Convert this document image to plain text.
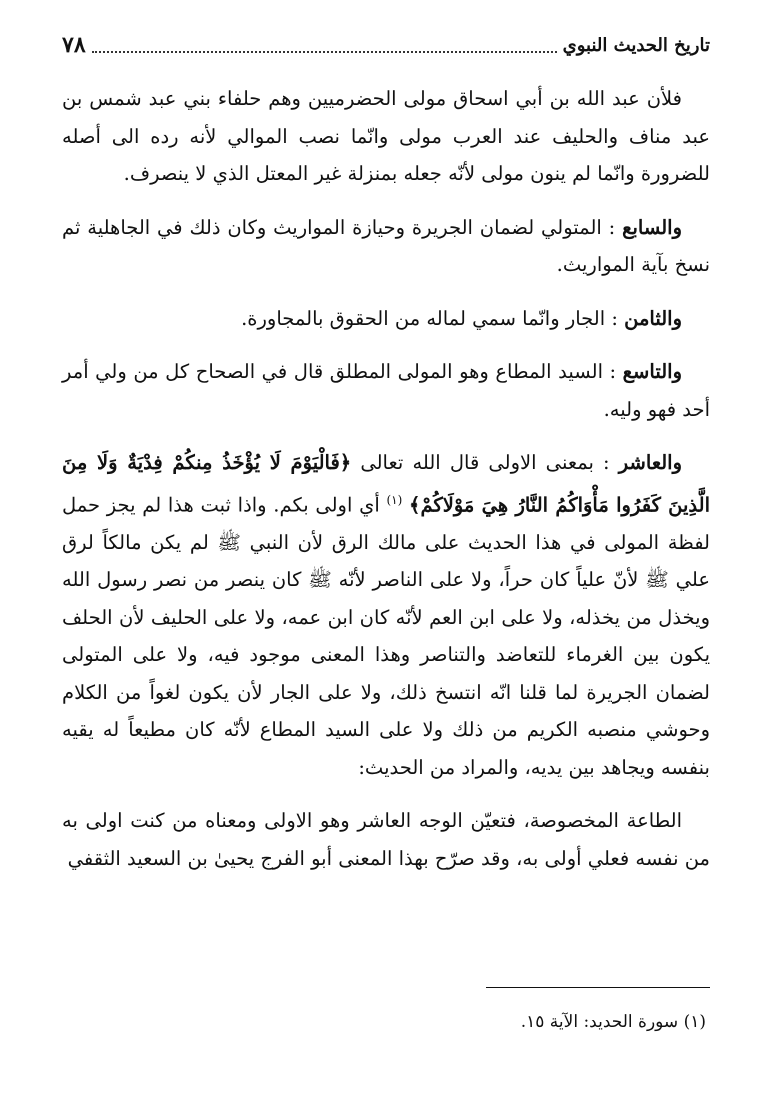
تاريخ الحديث النبوي
٧٨

فلأن عبد الله بن أبي اسحاق مولى الحضرميين وهم حلفاء بني عبد شمس بن عبد مناف والحليف عند العرب مولى وانّما نصب الموالي لأنه رده الى أصله للضرورة وانّما لم ينون مولى لأنّه جعله بمنزلة غير المعتل الذي لا ينصرف.

والسابع : المتولي لضمان الجريرة وحيازة المواريث وكان ذلك في الجاهلية ثم نسخ بآية المواريث.

والثامن : الجار وانّما سمي لماله من الحقوق بالمجاورة.

والتاسع : السيد المطاع وهو المولى المطلق قال في الصحاح كل من ولي أمر أحد فهو وليه.

والعاشر : بمعنى الاولى قال الله تعالى ﴿فَالْيَوْمَ لَا يُؤْخَذُ مِنكُمْ فِدْيَةٌ وَلَا مِنَ الَّذِينَ كَفَرُوا مَأْوَاكُمُ النَّارُ هِيَ مَوْلَاكُمْ﴾ $^{(١)}$ أي اولى بكم. واذا ثبت هذا لم يجز حمل لفظة المولى في هذا الحديث على مالك الرق لأن النبي ﷺ لم يكن مالكاً لرق علي ﷺ لأنّ علياً كان حراً، ولا على الناصر لأنّه ﷺ كان ينصر من نصر رسول الله ويخذل من يخذله، ولا على ابن العم لأنّه كان ابن عمه، ولا على الحليف لأن الحلف يكون بين الغرماء للتعاضد والتناصر وهذا المعنى موجود فيه، ولا على المتولى لضمان الجريرة لما قلنا انّه انتسخ ذلك، ولا على الجار لأن يكون لغواً من الكلام وحوشي منصبه الكريم من ذلك ولا على السيد المطاع لأنّه كان مطيعاً له يقيه بنفسه ويجاهد بين يديه، والمراد من الحديث:

الطاعة المخصوصة، فتعيّن الوجه العاشر وهو الاولى ومعناه من كنت اولى به من نفسه فعلي أولى به، وقد صرّح بهذا المعنى أبو الفرج يحيىٰ بن السعيد الثقفي

(١) سورة الحديد: الآية ١٥.
